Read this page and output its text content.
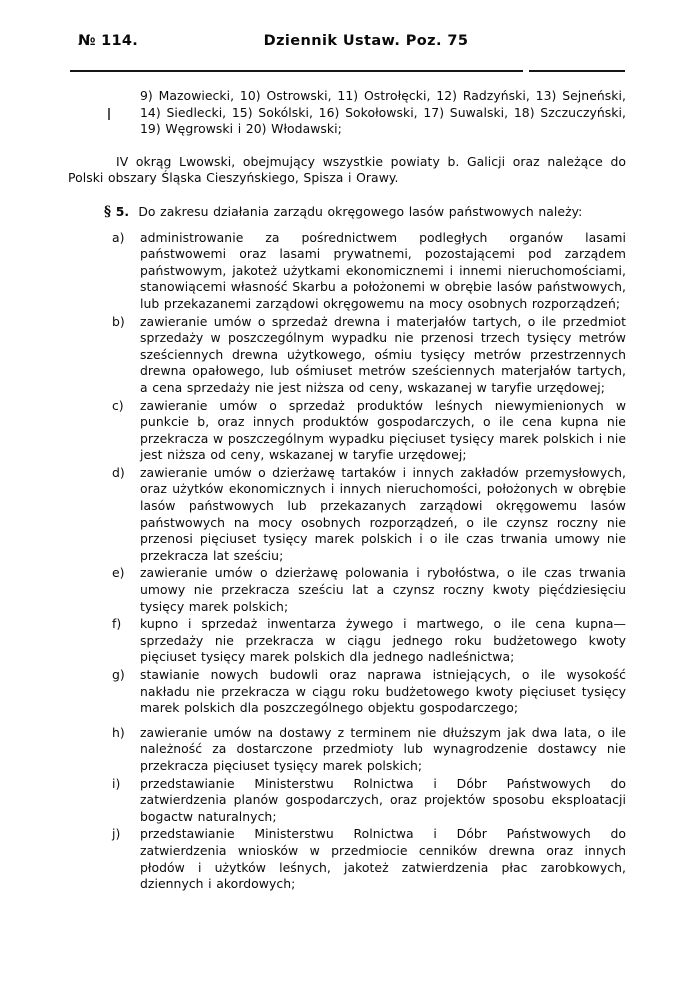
№ 114.	Dziennik Ustaw. Poz. 75

9) Mazowiecki, 10) Ostrowski, 11) Ostrołęcki, 12) Radzyński, 13) Sejneński, 14) Siedlecki, 15) Sokólski, 16) Sokołowski, 17) Suwalski, 18) Szczuczyński, 19) Węgrowski i 20) Włodawski;

IV okrąg Lwowski, obejmujący wszystkie powiaty b. Galicji oraz należące do Polski obszary Śląska Cieszyńskiego, Spisza i Orawy.

§ 5. Do zakresu działania zarządu okręgowego lasów państwowych należy:

a)	administrowanie za pośrednictwem podległych organów lasami państwowemi oraz lasami prywatnemi, pozostającemi pod zarządem państwowym, jakoteż użytkami ekonomicznemi i innemi nieruchomościami, stanowiącemi własność Skarbu a położonemi w obrębie lasów państwowych, lub przekazanemi zarządowi okręgowemu na mocy osobnych rozporządzeń;

b)	zawieranie umów o sprzedaż drewna i materjałów tartych, o ile przedmiot sprzedaży w poszczególnym wypadku nie przenosi trzech tysięcy metrów sześciennych drewna użytkowego, ośmiu tysięcy metrów przestrzennych drewna opałowego, lub ośmiuset metrów sześciennych materjałów tartych, a cena sprzedaży nie jest niższa od ceny, wskazanej w taryfie urzędowej;

c)	zawieranie umów o sprzedaż produktów leśnych niewymienionych w punkcie b, oraz innych produktów gospodarczych, o ile cena kupna nie przekracza w poszczególnym wypadku pięciuset tysięcy marek polskich i nie jest niższa od ceny, wskazanej w taryfie urzędowej;

d)	zawieranie umów o dzierżawę tartaków i innych zakładów przemysłowych, oraz użytków ekonomicznych i innych nieruchomości, położonych w obrębie lasów państwowych lub przekazanych zarządowi okręgowemu lasów państwowych na mocy osobnych rozporządzeń, o ile czynsz roczny nie przenosi pięciuset tysięcy marek polskich i o ile czas trwania umowy nie przekracza lat sześciu;

e)	zawieranie umów o dzierżawę polowania i rybołóstwa, o ile czas trwania umowy nie przekracza sześciu lat a czynsz roczny kwoty pięćdziesięciu tysięcy marek polskich;

f)	kupno i sprzedaż inwentarza żywego i martwego, o ile cena kupna—sprzedaży nie przekracza w ciągu jednego roku budżetowego kwoty pięciuset tysięcy marek polskich dla jednego nadleśnictwa;

g)	stawianie nowych budowli oraz naprawa istniejących, o ile wysokość nakładu nie przekracza w ciągu roku budżetowego kwoty pięciuset tysięcy marek polskich dla poszczególnego objektu gospodarczego;

h)	zawieranie umów na dostawy z terminem nie dłuższym jak dwa lata, o ile należność za dostarczone przedmioty lub wynagrodzenie dostawcy nie przekracza pięciuset tysięcy marek polskich;

i)	przedstawianie Ministerstwu Rolnictwa i Dóbr Państwowych do zatwierdzenia planów gospodarczych, oraz projektów sposobu eksploatacji bogactw naturalnych;

j)	przedstawianie Ministerstwu Rolnictwa i Dóbr Państwowych do zatwierdzenia wniosków w przedmiocie cenników drewna oraz innych płodów i użytków leśnych, jakoteż zatwierdzenia płac zarobkowych, dziennych i akordowych;
